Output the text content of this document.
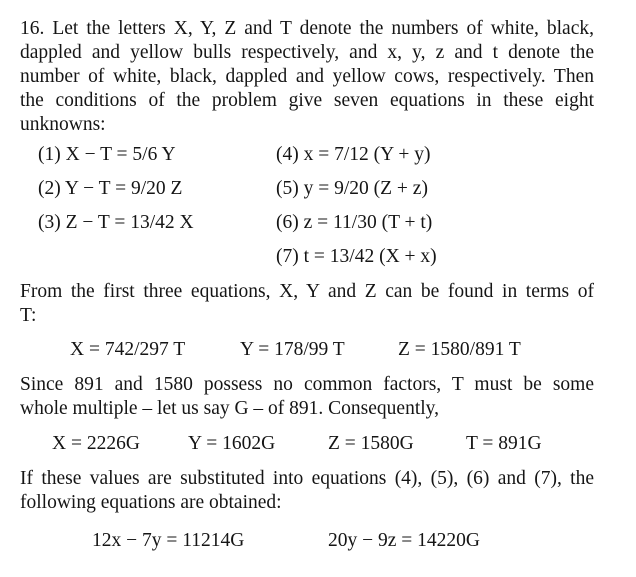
16. Let the letters X, Y, Z and T denote the numbers of white, black,
dappled and yellow bulls respectively, and x, y, z and t denote the
number of white, black, dappled and yellow cows, respectively. Then
the conditions of the problem give seven equations in these eight
unknowns:
(1) X − T = 5/6 Y
(2) Y − T = 9/20 Z
(3) Z − T = 13/42 X
(4) x = 7/12 (Y + y)
(5) y = 9/20 (Z + z)
(6) z = 11/30 (T + t)
(7) t = 13/42 (X + x)
From the first three equations, X, Y and Z can be found in terms of
T:
X = 742/297 T	Y = 178/99 T	Z = 1580/891 T
Since 891 and 1580 possess no common factors, T must be some
whole multiple – let us say G – of 891. Consequently,
X = 2226G Y = 1602G	Z = 1580G	T = 891G
If these values are substituted into equations (4), (5), (6) and (7), the
following equations are obtained:
12x − 7y = 11214G	20y − 9z = 14220G
